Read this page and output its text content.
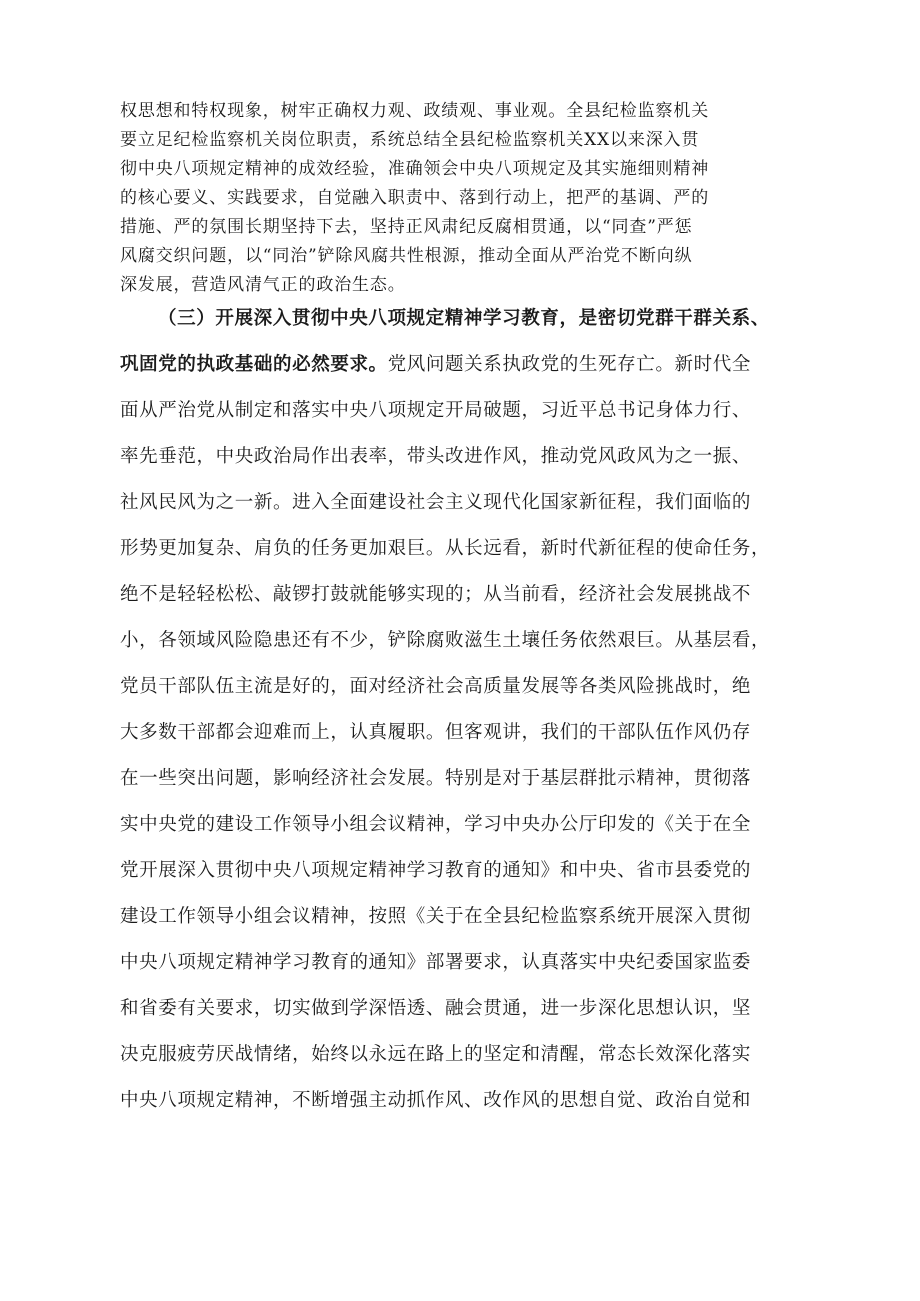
权思想和特权现象，树牢正确权力观、政绩观、事业观。全县纪检监察机关
要立足纪检监察机关岗位职责，系统总结全县纪检监察机关XX以来深入贯
彻中央八项规定精神的成效经验，准确领会中央八项规定及其实施细则精神
的核心要义、实践要求，自觉融入职责中、落到行动上，把严的基调、严的
措施、严的氛围长期坚持下去，坚持正风肃纪反腐相贯通，以“同查”严惩
风腐交织问题，以“同治”铲除风腐共性根源，推动全面从严治党不断向纵
深发展，营造风清气正的政治生态。
（三）开展深入贯彻中央八项规定精神学习教育，是密切党群干群关系、
巩固党的执政基础的必然要求。党风问题关系执政党的生死存亡。新时代全
面从严治党从制定和落实中央八项规定开局破题，习近平总书记身体力行、
率先垂范，中央政治局作出表率，带头改进作风，推动党风政风为之一振、
社风民风为之一新。进入全面建设社会主义现代化国家新征程，我们面临的
形势更加复杂、肩负的任务更加艰巨。从长远看，新时代新征程的使命任务，
绝不是轻轻松松、敲锣打鼓就能够实现的；从当前看，经济社会发展挑战不
小，各领域风险隐患还有不少，铲除腐败滋生土壤任务依然艰巨。从基层看，
党员干部队伍主流是好的，面对经济社会高质量发展等各类风险挑战时，绝
大多数干部都会迎难而上，认真履职。但客观讲，我们的干部队伍作风仍存
在一些突出问题，影响经济社会发展。特别是对于基层群批示精神，贯彻落
实中央党的建设工作领导小组会议精神，学习中央办公厅印发的《关于在全
党开展深入贯彻中央八项规定精神学习教育的通知》和中央、省市县委党的
建设工作领导小组会议精神，按照《关于在全县纪检监察系统开展深入贯彻
中央八项规定精神学习教育的通知》部署要求，认真落实中央纪委国家监委
和省委有关要求，切实做到学深悟透、融会贯通，进一步深化思想认识，坚
决克服疲劳厌战情绪，始终以永远在路上的坚定和清醒，常态长效深化落实
中央八项规定精神，不断增强主动抓作风、改作风的思想自觉、政治自觉和
